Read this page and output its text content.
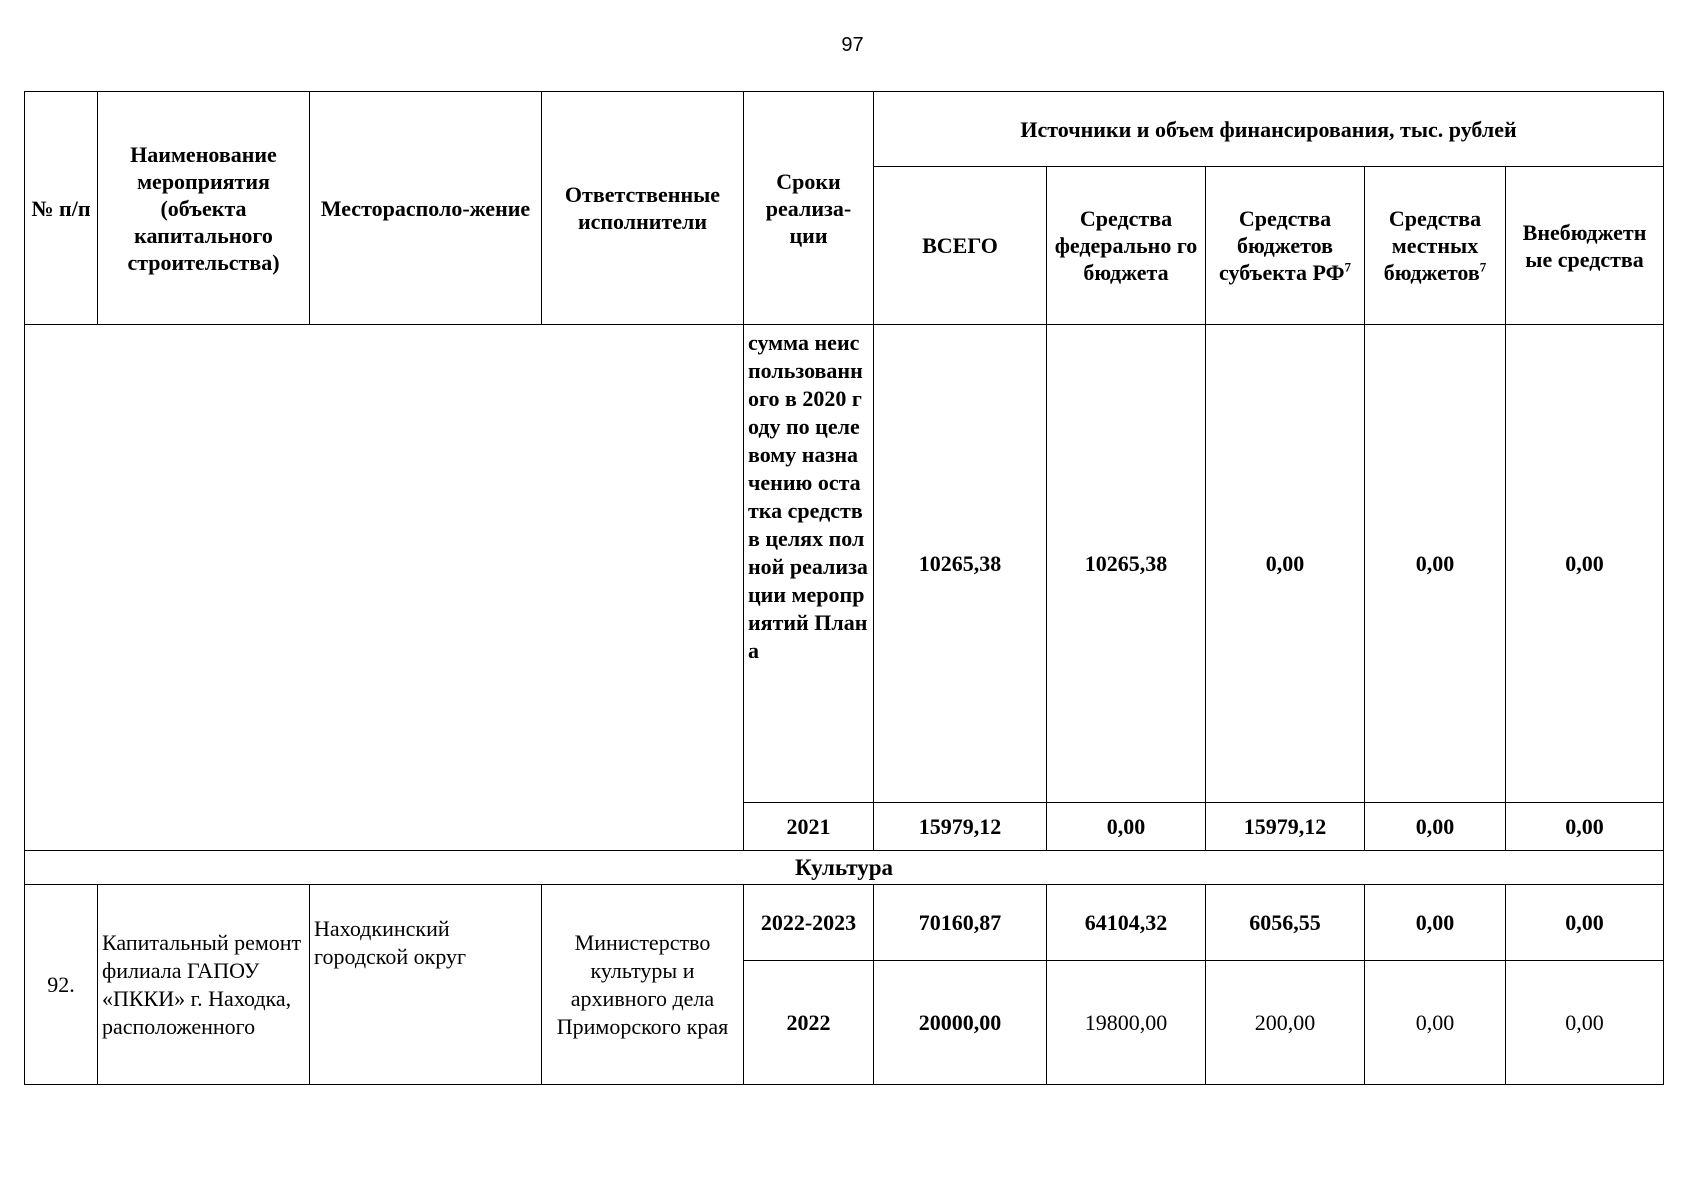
97
№ п/п	Наименование мероприятия (объекта капитального строительства)	Месторасполо-жение	Ответственные исполнители	Сроки реализа-ции	Источники и объем финансирования, тыс. рублей				
					ВСЕГО	Средства федерально го бюджета	Средства бюджетов субъекта $РФ^7$	Средства местных бюджетов$^7$	Внебюджетн ые средства
				сумма неиспользованного в 2020 году по целевому назначению остатка средств в целях полной реализации мероприятий Плана	10265,38	10265,38	0,00	0,00	0,00
				2021	15979,12	0,00	15979,12	0,00	0,00
Культура									
92.	Капитальный ремонт филиала ГАПОУ «ПККИ» г. Находка, расположенного	Находкинский городской округ	Министерство культуры и архивного дела Приморского края	2022-2023	70160,87	64104,32	6056,55	0,00	0,00
				2022	20000,00	19800,00	200,00	0,00	0,00
